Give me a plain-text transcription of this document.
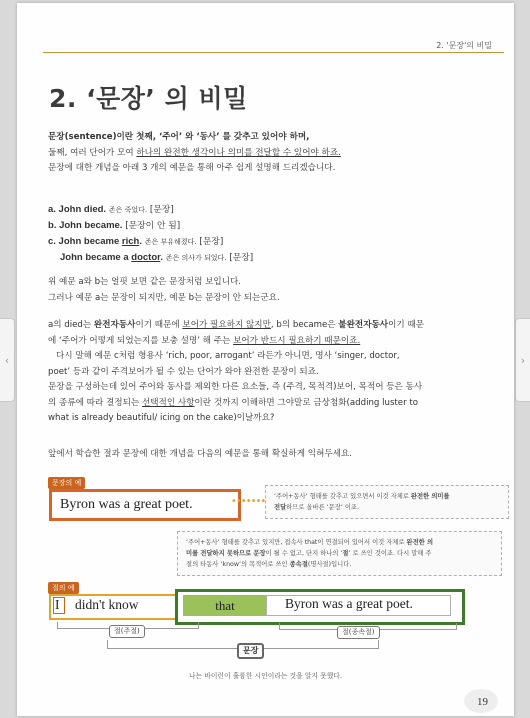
‹	›
2. '문장'의 비밀
2. ‘문장’ 의 비밀
문장(sentence)이란 첫째, ‘주어’ 와 ‘동사’ 를 갖추고 있어야 하며,
둘째, 여러 단어가 모여 하나의 완전한 생각이나 의미를 전달할 수 있어야 하죠.
문장에 대한 개념을 아래 3 개의 예문을 통해 아주 쉽게 설명해 드리겠습니다.
a. John died. 존은 죽었다. [문장]
b. John became. [문장이 안 됨]
c. John became rich. 존은 부유해졌다. [문장]
John became a doctor. 존은 의사가 되었다. [문장]
위 예문 a와 b는 얼핏 보면 같은 문장처럼 보입니다.
그러나 예문 a는 문장이 되지만, 예문 b는 문장이 안 되는군요.
a의 died는 완전자동사이기 때문에 보어가 필요하지 않지만, b의 became은 불완전자동사이기 때문
에 ‘주어가 어떻게 되었는지를 보충 설명’ 해 주는 보어가 반드시 필요하기 때문이죠.
다시 말해 예문 c처럼 형용사 ‘rich, poor, arrogant’ 라든가 아니면, 명사 ‘singer, doctor,
poet’ 등과 같이 주격보어가 될 수 있는 단어가 와야 완전한 문장이 되죠.
문장을 구성하는데 있어 주어와 동사를 제외한 다른 요소들, 즉 (주격, 목적격)보어, 목적어 등은 동사
의 종류에 따라 결정되는 선택적인 사항이란 것까지 이해하면 그야말로 금상첨화(adding luster to
what is already beautiful/ icing on the cake)이날까요?
앞에서 학습한 절과 문장에 대한 개념을 다음의 예문을 통해 확실하게 익혀두세요.
문장의 예
Byron was a great poet.	••••••• ‘주어+동사’ 형태를 갖추고 있으면서 이것 자체로 완전한 의미를
전달하므로 올바른 ‘문장’ 이죠.
‘주어+동사’ 형태를 갖추고 있지만, 접속사 that이 연결되어 있어서 이것 자체로 완전한 의
미를 전달하지 못하므로 문장이 될 수 없고, 단지 하나의 ‘절’ 로 쓰인 것이죠. 다시 말해 주
절의 타동사 ‘know’의 목적어로 쓰인 종속절(명사절)입니다.
절의 예
I didn't know	that	Byron was a great poet.
절(주절)	절(종속절)
문장
나는 바이런이 훌륭한 시인이라는 것을 알지 못했다.
19
